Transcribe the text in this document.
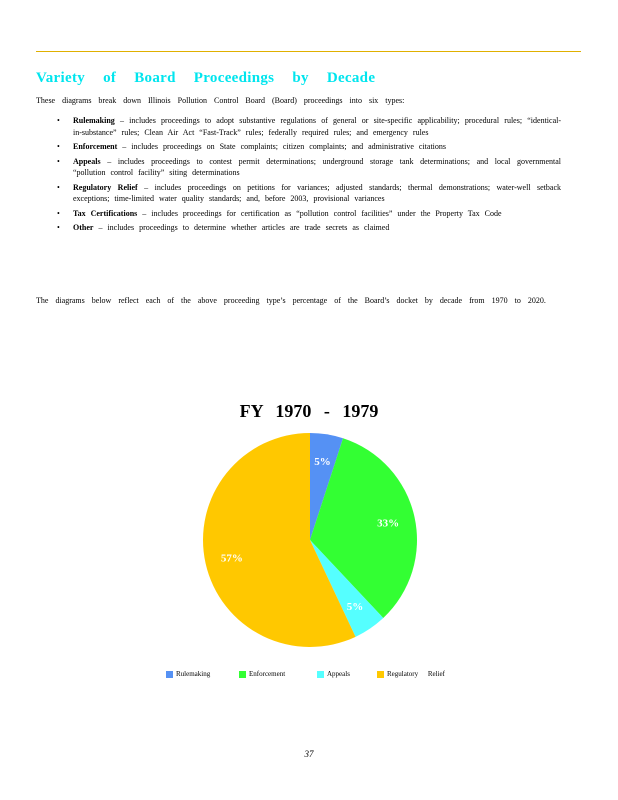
Variety of Board Proceedings by Decade

These diagrams break down Illinois Pollution Control Board (Board) proceedings into six types:

• Rulemaking – includes proceedings to adopt substantive regulations of general or site-specific applicability; procedural rules; “identical-in-substance” rules; Clean Air Act “Fast-Track” rules; federally required rules; and emergency rules
• Enforcement – includes proceedings on State complaints; citizen complaints; and administrative citations
• Appeals – includes proceedings to contest permit determinations; underground storage tank determinations; and local governmental “pollution control facility” siting determinations
• Regulatory Relief – includes proceedings on petitions for variances; adjusted standards; thermal demonstrations; water-well setback exceptions; time-limited water quality standards; and, before 2003, provisional variances
• Tax Certifications – includes proceedings for certification as “pollution control facilities” under the Property Tax Code
• Other – includes proceedings to determine whether articles are trade secrets as claimed

The diagrams below reflect each of the above proceeding type’s percentage of the Board’s docket by decade from 1970 to 2020.

FY 1970 - 1979
5%
33%
5%
57%
Rulemaking	Enforcement	Appeals	Regulatory Relief

37
